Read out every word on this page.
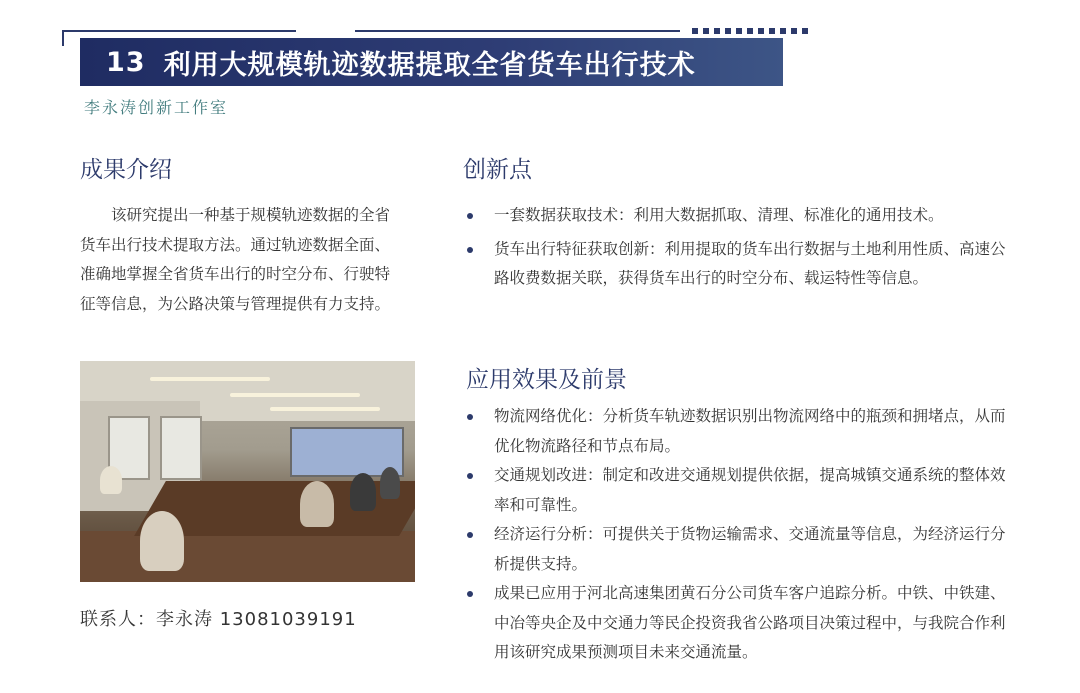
13 利用大规模轨迹数据提取全省货车出行技术
李永涛创新工作室
成果介绍

该研究提出一种基于规模轨迹数据的全省货车出行技术提取方法。通过轨迹数据全面、准确地掌握全省货车出行的时空分布、行驶特征等信息，为公路决策与管理提供有力支持。

联系人：李永涛 13081039191
创新点
一套数据获取技术：利用大数据抓取、清理、标准化的通用技术。
货车出行特征获取创新：利用提取的货车出行数据与土地利用性质、高速公路收费数据关联，获得货车出行的时空分布、载运特性等信息。
应用效果及前景
物流网络优化：分析货车轨迹数据识别出物流网络中的瓶颈和拥堵点，从而优化物流路径和节点布局。
交通规划改进：制定和改进交通规划提供依据，提高城镇交通系统的整体效率和可靠性。
经济运行分析：可提供关于货物运输需求、交通流量等信息，为经济运行分析提供支持。
成果已应用于河北高速集团黄石分公司货车客户追踪分析。中铁、中铁建、中冶等央企及中交通力等民企投资我省公路项目决策过程中，与我院合作利用该研究成果预测项目未来交通流量。
